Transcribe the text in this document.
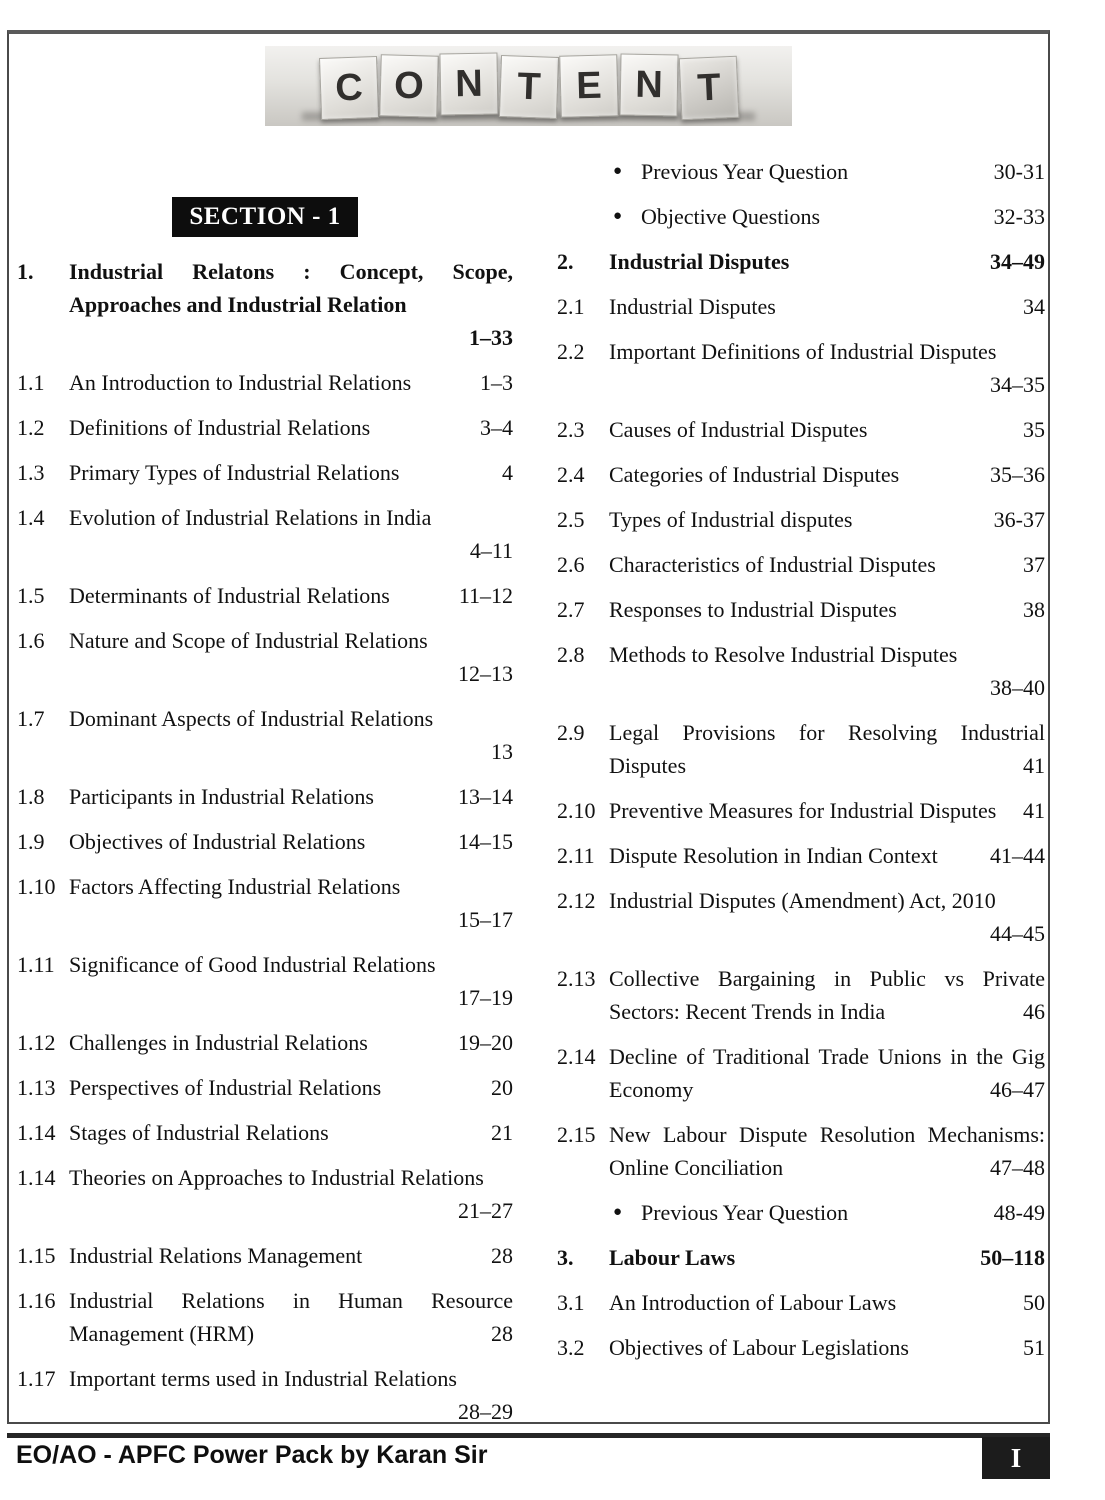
C O N T E N T
SECTION - 1
1.	Industrial Relatons : Concept, Scope, Approaches and Industrial Relation
1–33
1.1	An Introduction to Industrial Relations	1–3
1.2	Definitions of Industrial Relations	3–4
1.3	Primary Types of Industrial Relations	4
1.4	Evolution of Industrial Relations in India
4–11
1.5	Determinants of Industrial Relations	11–12
1.6	Nature and Scope of Industrial Relations
12–13
1.7	Dominant Aspects of Industrial Relations
13
1.8	Participants in Industrial Relations	13–14
1.9	Objectives of Industrial Relations	14–15
1.10 Factors Affecting Industrial Relations
15–17
1.11 Significance of Good Industrial Relations
17–19
1.12 Challenges in Industrial Relations	19–20
1.13 Perspectives of Industrial Relations	20
1.14 Stages of Industrial Relations	21
1.14 Theories on Approaches to Industrial Relations
21–27
1.15 Industrial Relations Management	28
1.16 Industrial Relations in Human Resource Management (HRM)	28
1.17 Important terms used in Industrial Relations
28–29
● Previous Year Question	30-31
● Objective Questions	32-33
2.	Industrial Disputes	34–49
2.1	Industrial Disputes	34
2.2	Important Definitions of Industrial Disputes
34–35
2.3	Causes of Industrial Disputes	35
2.4	Categories of Industrial Disputes	35–36
2.5	Types of Industrial disputes	36-37
2.6	Characteristics of Industrial Disputes	37
2.7	Responses to Industrial Disputes	38
2.8	Methods to Resolve Industrial Disputes
38–40
2.9	Legal Provisions for Resolving Industrial Disputes	41
2.10 Preventive Measures for Industrial Disputes 41
2.11 Dispute Resolution in Indian Context 41–44
2.12 Industrial Disputes (Amendment) Act, 2010
44–45
2.13 Collective Bargaining in Public vs Private Sectors: Recent Trends in India	46
2.14 Decline of Traditional Trade Unions in the Gig Economy	46–47
2.15 New Labour Dispute Resolution Mechanisms: Online Conciliation	47–48
● Previous Year Question	48-49
3.	Labour Laws	50–118
3.1	An Introduction of Labour Laws	50
3.2	Objectives of Labour Legislations	51
EO/AO - APFC Power Pack by Karan Sir	I
